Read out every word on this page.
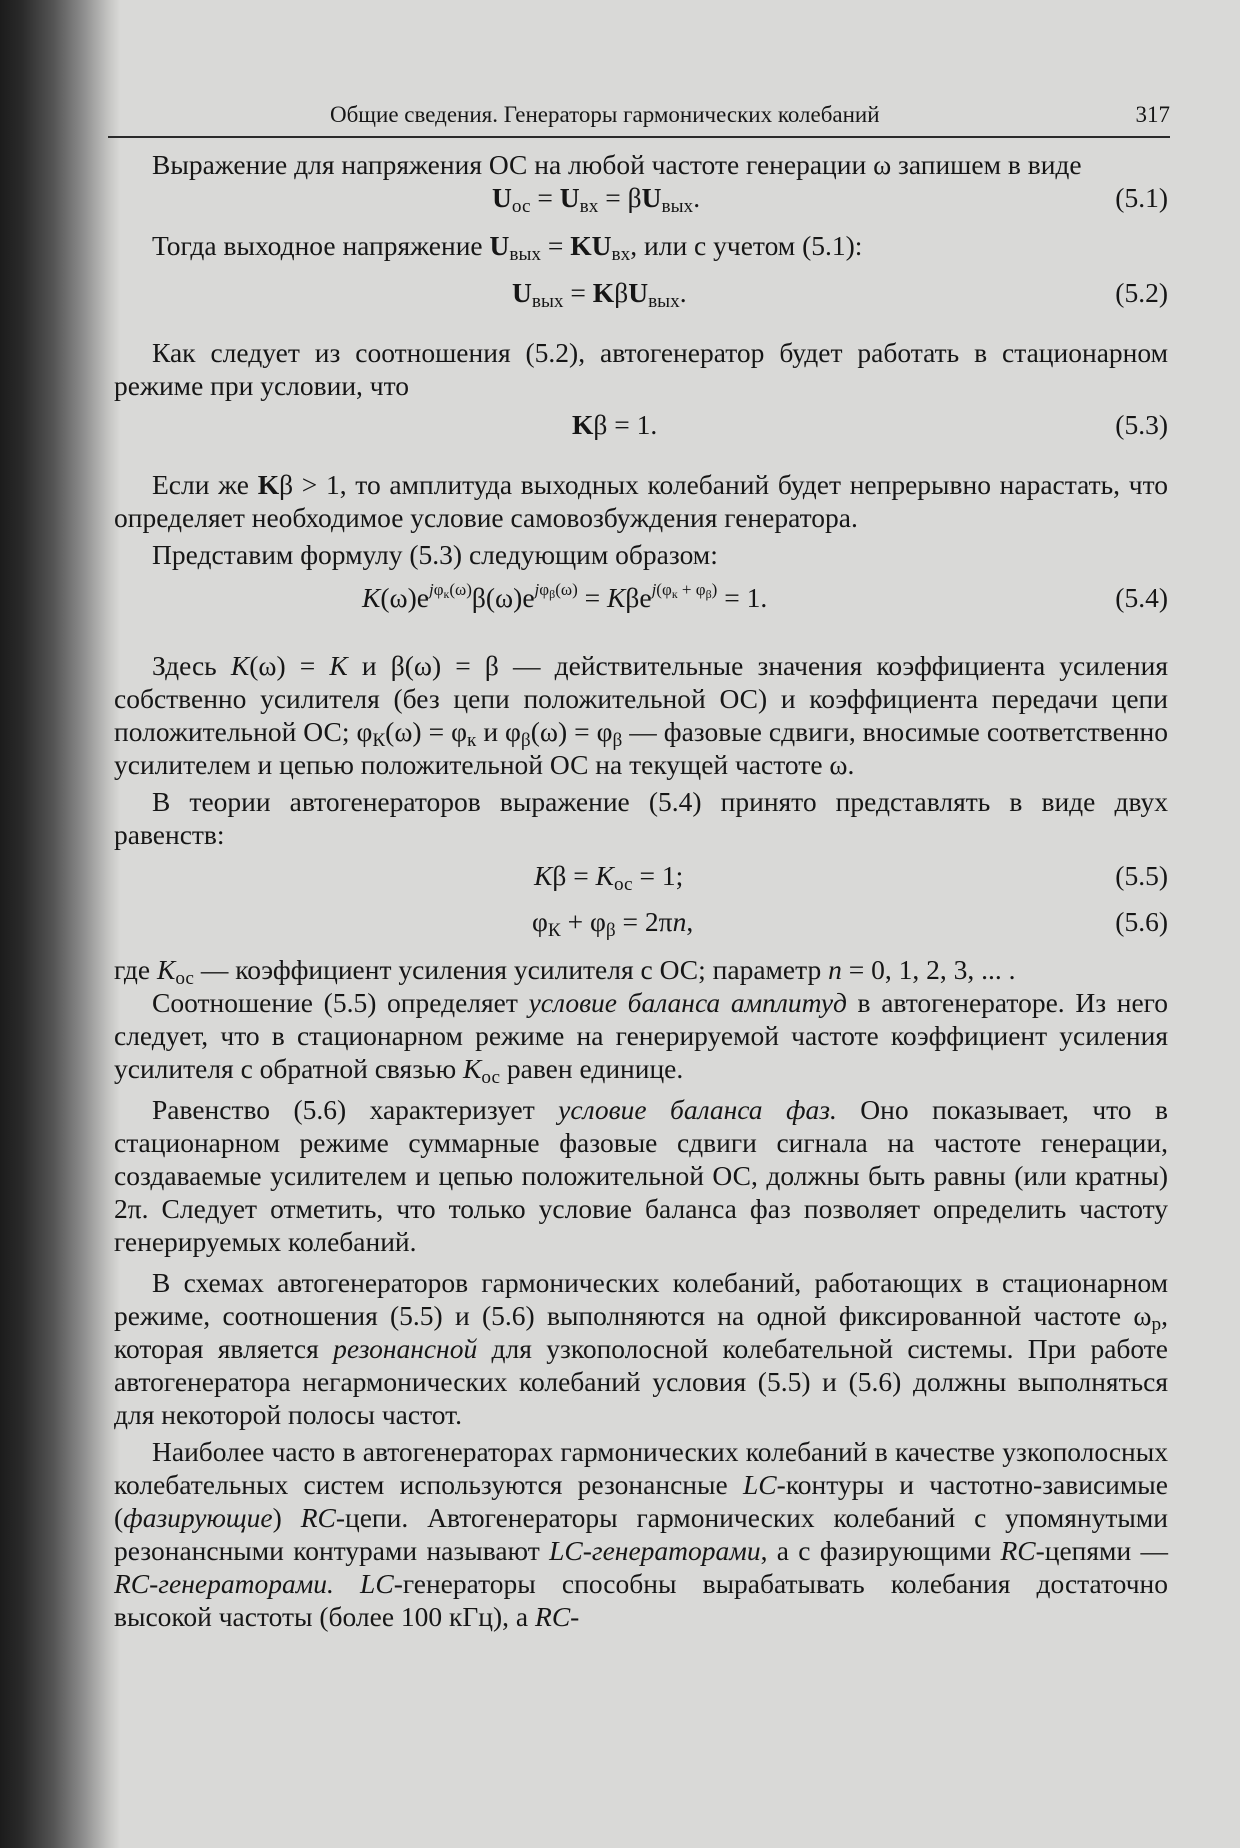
Общие сведения. Генераторы гармонических колебаний	317

Выражение для напряжения ОС на любой частоте генерации ω запишем в виде

$U_{ос} = U_{вх} = \beta U_{вых}$.	(5.1)

Тогда выходное напряжение $U_{вых} = KU_{вх}$, или с учетом (5.1):

$U_{вых} = K\beta U_{вых}$.	(5.2)

Как следует из соотношения (5.2), автогенератор будет работать в стационарном режиме при условии, что

Kβ = 1.	(5.3)

Если же Kβ > 1, то амплитуда выходных колебаний будет непрерывно нарастать, что определяет необходимое условие самовозбуждения генератора.

Представим формулу (5.3) следующим образом:

$K(\omega)e^{j\varphi_к(\omega)}\beta(\omega)e^{j\varphi_\beta(\omega)} = K\beta e^{j(\varphi_к + \varphi_\beta)} = 1$.	(5.4)

Здесь K(ω) = K и β(ω) = β — действительные значения коэффициента усиления собственно усилителя (без цепи положительной ОС) и коэффициента передачи цепи положительной ОС; $\varphi_К(\omega) = \varphi_к$ и $\varphi_\beta(\omega) = \varphi_\beta$ — фазовые сдвиги, вносимые соответственно усилителем и цепью положительной ОС на текущей частоте ω.

В теории автогенераторов выражение (5.4) принято представлять в виде двух равенств:

$K\beta = K_{ос} = 1$;	(5.5)
$\varphi_К + \varphi_\beta = 2\pi n$,	(5.6)

где $K_{ос}$ — коэффициент усиления усилителя с ОС; параметр n = 0, 1, 2, 3, ... .

Соотношение (5.5) определяет условие баланса амплитуд в автогенераторе. Из него следует, что в стационарном режиме на генерируемой частоте коэффициент усиления усилителя с обратной связью $K_{ос}$ равен единице.

Равенство (5.6) характеризует условие баланса фаз. Оно показывает, что в стационарном режиме суммарные фазовые сдвиги сигнала на частоте генерации, создаваемые усилителем и цепью положительной ОС, должны быть равны (или кратны) 2π. Следует отметить, что только условие баланса фаз позволяет определить частоту генерируемых колебаний.

В схемах автогенераторов гармонических колебаний, работающих в стационарном режиме, соотношения (5.5) и (5.6) выполняются на одной фиксированной частоте $\omega_р$, которая является резонансной для узкополосной колебательной системы. При работе автогенератора негармонических колебаний условия (5.5) и (5.6) должны выполняться для некоторой полосы частот.

Наиболее часто в автогенераторах гармонических колебаний в качестве узкополосных колебательных систем используются резонансные LC-контуры и частотно-зависимые (фазирующие) RC-цепи. Автогенераторы гармонических колебаний с упомянутыми резонансными контурами называют LC-генераторами, а с фазирующими RC-цепями — RC-генераторами. LC-генераторы способны вырабатывать колебания достаточно высокой частоты (более 100 кГц), а RC-
